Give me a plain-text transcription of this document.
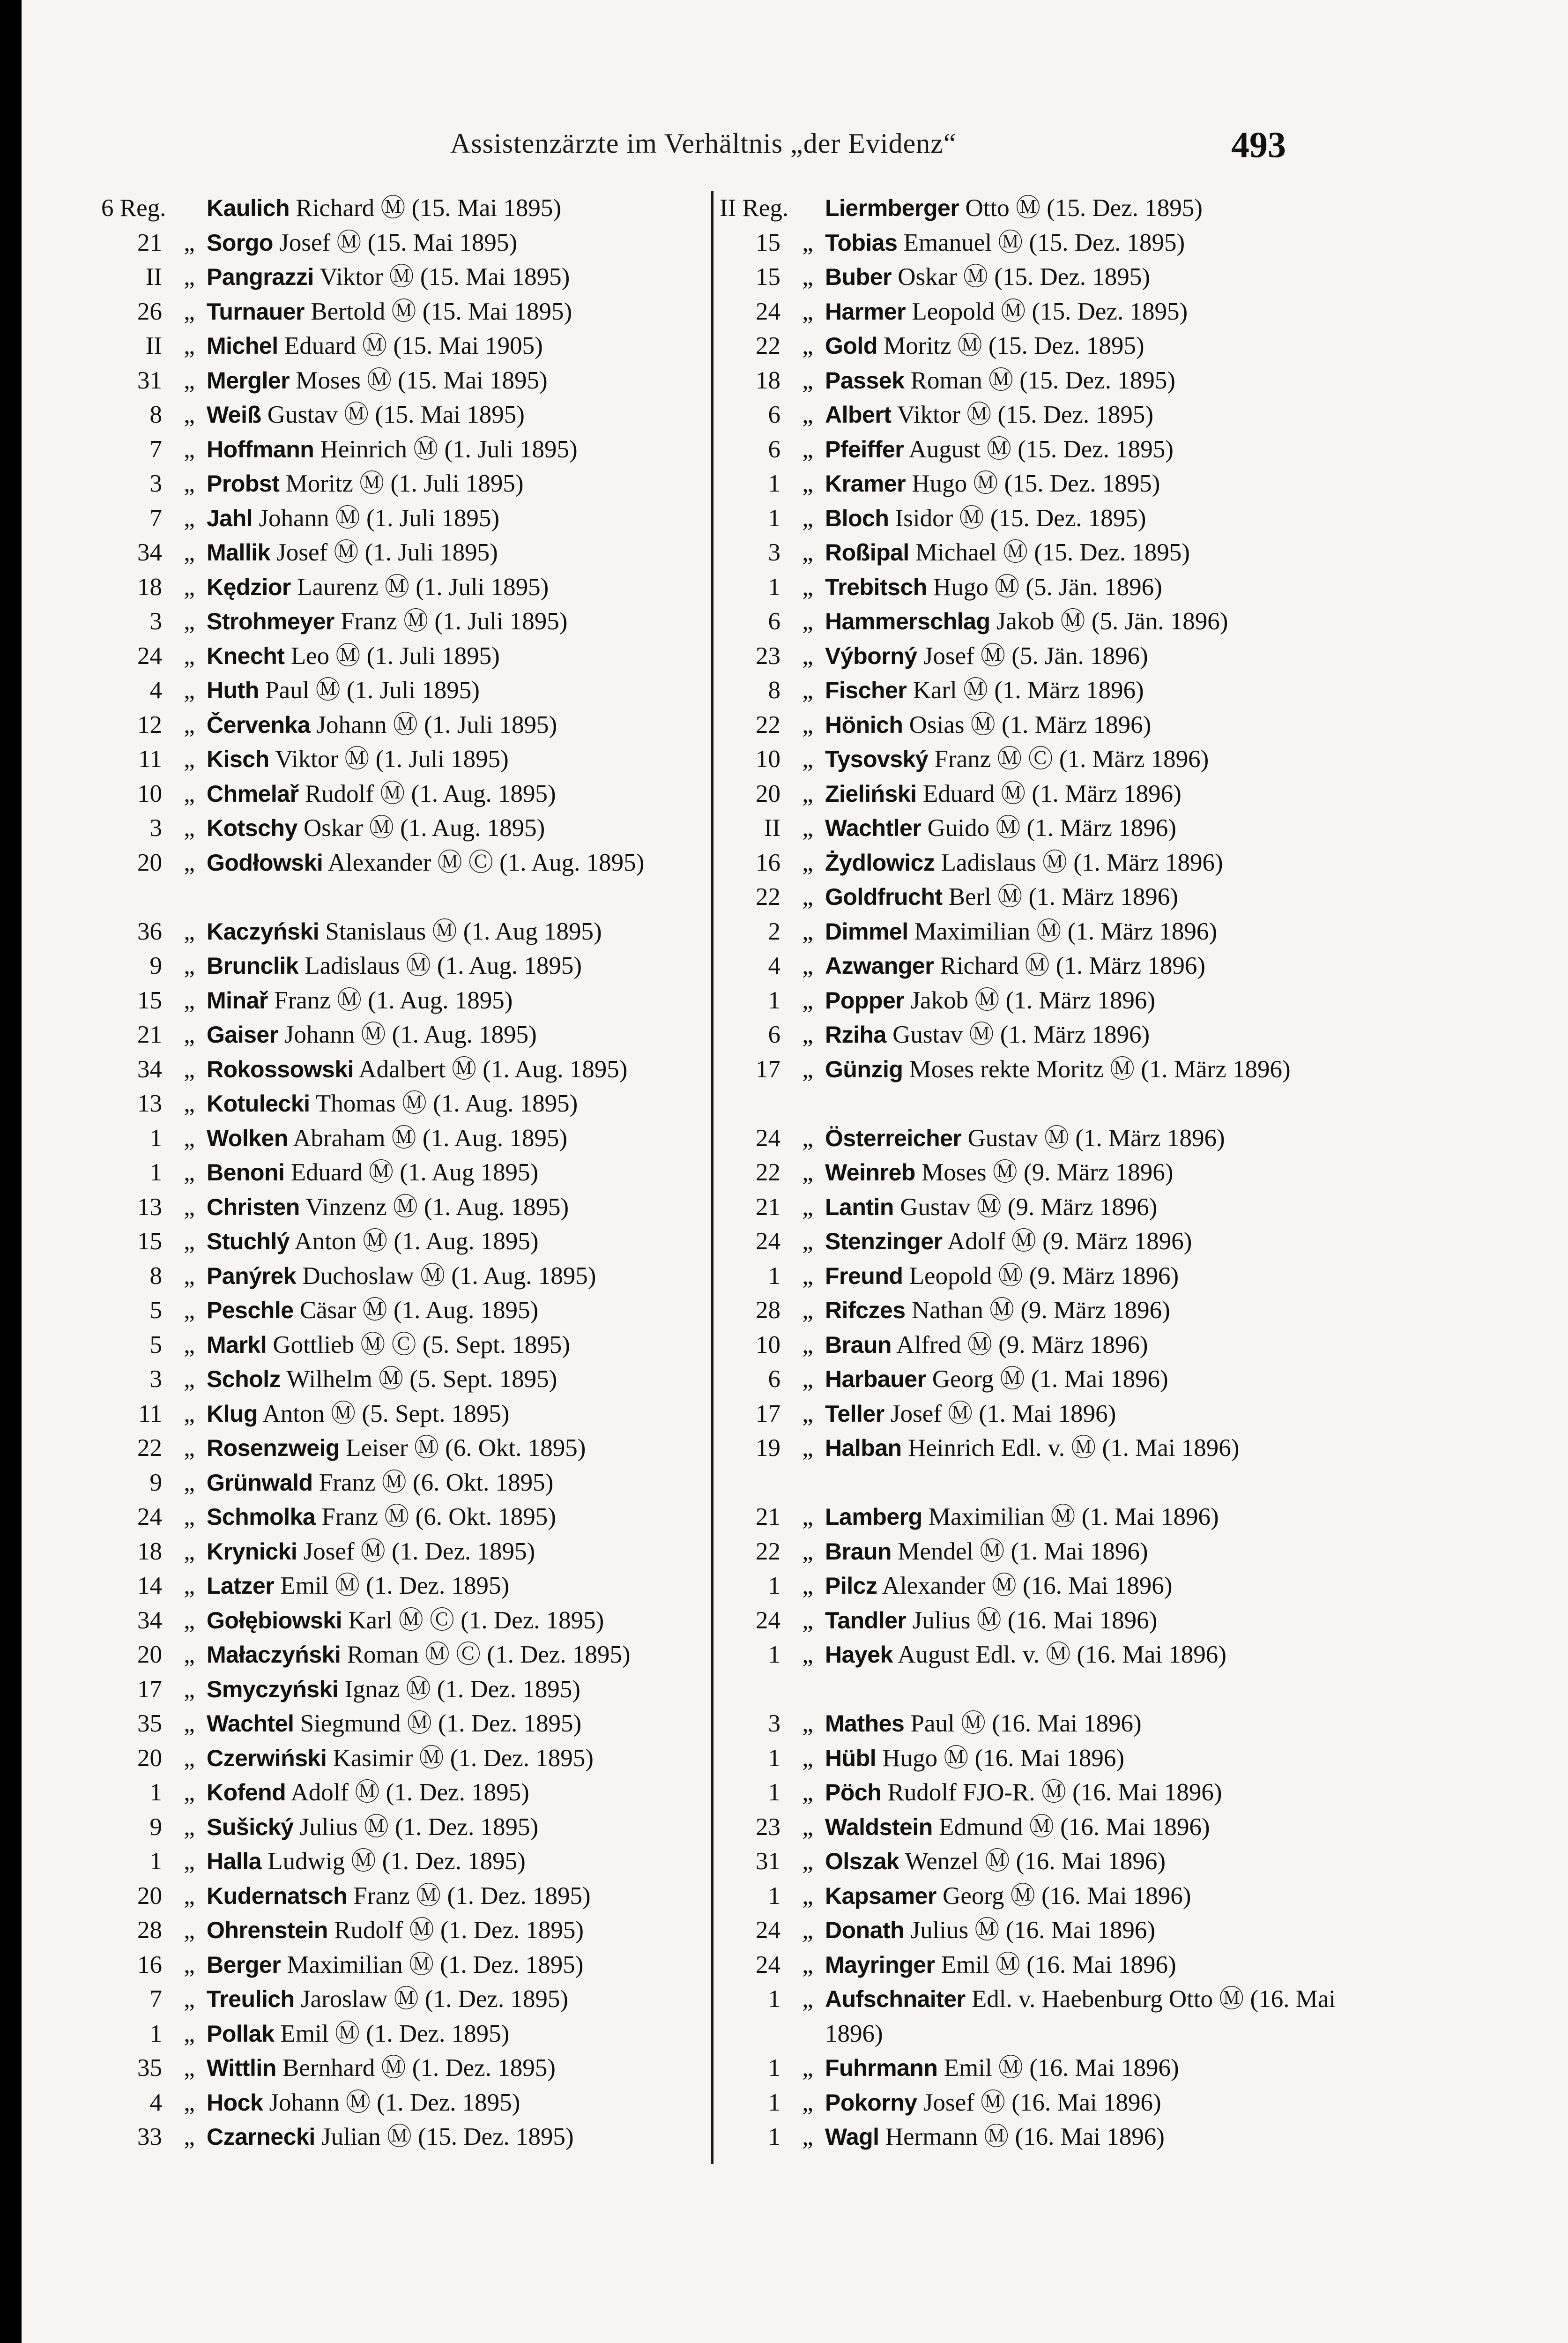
Assistenzärzte im Verhältnis „der Evidenz“	493
6 Reg. Kaulich Richard Ⓜ (15. Mai 1895)
21 „ Sorgo Josef Ⓜ (15. Mai 1895)
II „ Pangrazzi Viktor Ⓜ (15. Mai 1895)
26 „ Turnauer Bertold Ⓜ (15. Mai 1895)
II „ Michel Eduard Ⓜ (15. Mai 1905)
31 „ Mergler Moses Ⓜ (15. Mai 1895)
8 „ Weiß Gustav Ⓜ (15. Mai 1895)
7 „ Hoffmann Heinrich Ⓜ (1. Juli 1895)
3 „ Probst Moritz Ⓜ (1. Juli 1895)
7 „ Jahl Johann Ⓜ (1. Juli 1895)
34 „ Mallik Josef Ⓜ (1. Juli 1895)
18 „ Kędzior Laurenz Ⓜ (1. Juli 1895)
3 „ Strohmeyer Franz Ⓜ (1. Juli 1895)
24 „ Knecht Leo Ⓜ (1. Juli 1895)
4 „ Huth Paul Ⓜ (1. Juli 1895)
12 „ Červenka Johann Ⓜ (1. Juli 1895)
11 „ Kisch Viktor Ⓜ (1. Juli 1895)
10 „ Chmelař Rudolf Ⓜ (1. Aug. 1895)
3 „ Kotschy Oskar Ⓜ (1. Aug. 1895)
20 „ Godłowski Alexander Ⓜ Ⓒ (1. Aug. 1895)
36 „ Kaczyński Stanislaus Ⓜ (1. Aug 1895)
9 „ Brunclik Ladislaus Ⓜ (1. Aug. 1895)
15 „ Minař Franz Ⓜ (1. Aug. 1895)
21 „ Gaiser Johann Ⓜ (1. Aug. 1895)
34 „ Rokossowski Adalbert Ⓜ (1. Aug. 1895)
13 „ Kotulecki Thomas Ⓜ (1. Aug. 1895)
1 „ Wolken Abraham Ⓜ (1. Aug. 1895)
1 „ Benoni Eduard Ⓜ (1. Aug 1895)
13 „ Christen Vinzenz Ⓜ (1. Aug. 1895)
15 „ Stuchlý Anton Ⓜ (1. Aug. 1895)
8 „ Panýrek Duchoslaw Ⓜ (1. Aug. 1895)
5 „ Peschle Cäsar Ⓜ (1. Aug. 1895)
5 „ Markl Gottlieb Ⓜ Ⓒ (5. Sept. 1895)
3 „ Scholz Wilhelm Ⓜ (5. Sept. 1895)
11 „ Klug Anton Ⓜ (5. Sept. 1895)
22 „ Rosenzweig Leiser Ⓜ (6. Okt. 1895)
9 „ Grünwald Franz Ⓜ (6. Okt. 1895)
24 „ Schmolka Franz Ⓜ (6. Okt. 1895)
18 „ Krynicki Josef Ⓜ (1. Dez. 1895)
14 „ Latzer Emil Ⓜ (1. Dez. 1895)
34 „ Gołębiowski Karl Ⓜ Ⓒ (1. Dez. 1895)
20 „ Małaczyński Roman Ⓜ Ⓒ (1. Dez. 1895)
17 „ Smyczyński Ignaz Ⓜ (1. Dez. 1895)
35 „ Wachtel Siegmund Ⓜ (1. Dez. 1895)
20 „ Czerwiński Kasimir Ⓜ (1. Dez. 1895)
1 „ Kofend Adolf Ⓜ (1. Dez. 1895)
9 „ Sušický Julius Ⓜ (1. Dez. 1895)
1 „ Halla Ludwig Ⓜ (1. Dez. 1895)
20 „ Kudernatsch Franz Ⓜ (1. Dez. 1895)
28 „ Ohrenstein Rudolf Ⓜ (1. Dez. 1895)
16 „ Berger Maximilian Ⓜ (1. Dez. 1895)
7 „ Treulich Jaroslaw Ⓜ (1. Dez. 1895)
1 „ Pollak Emil Ⓜ (1. Dez. 1895)
35 „ Wittlin Bernhard Ⓜ (1. Dez. 1895)
4 „ Hock Johann Ⓜ (1. Dez. 1895)
33 „ Czarnecki Julian Ⓜ (15. Dez. 1895)
II Reg. Liermberger Otto Ⓜ (15. Dez. 1895)
15 „ Tobias Emanuel Ⓜ (15. Dez. 1895)
15 „ Buber Oskar Ⓜ (15. Dez. 1895)
24 „ Harmer Leopold Ⓜ (15. Dez. 1895)
22 „ Gold Moritz Ⓜ (15. Dez. 1895)
18 „ Passek Roman Ⓜ (15. Dez. 1895)
6 „ Albert Viktor Ⓜ (15. Dez. 1895)
6 „ Pfeiffer August Ⓜ (15. Dez. 1895)
1 „ Kramer Hugo Ⓜ (15. Dez. 1895)
1 „ Bloch Isidor Ⓜ (15. Dez. 1895)
3 „ Roßipal Michael Ⓜ (15. Dez. 1895)
1 „ Trebitsch Hugo Ⓜ (5. Jän. 1896)
6 „ Hammerschlag Jakob Ⓜ (5. Jän. 1896)
23 „ Výborný Josef Ⓜ (5. Jän. 1896)
8 „ Fischer Karl Ⓜ (1. März 1896)
22 „ Hönich Osias Ⓜ (1. März 1896)
10 „ Tysovský Franz Ⓜ Ⓒ (1. März 1896)
20 „ Zieliński Eduard Ⓜ (1. März 1896)
II „ Wachtler Guido Ⓜ (1. März 1896)
16 „ Żydlowicz Ladislaus Ⓜ (1. März 1896)
22 „ Goldfrucht Berl Ⓜ (1. März 1896)
2 „ Dimmel Maximilian Ⓜ (1. März 1896)
4 „ Azwanger Richard Ⓜ (1. März 1896)
1 „ Popper Jakob Ⓜ (1. März 1896)
6 „ Rziha Gustav Ⓜ (1. März 1896)
17 „ Günzig Moses rekte Moritz Ⓜ (1. März 1896)
24 „ Österreicher Gustav Ⓜ (1. März 1896)
22 „ Weinreb Moses Ⓜ (9. März 1896)
21 „ Lantin Gustav Ⓜ (9. März 1896)
24 „ Stenzinger Adolf Ⓜ (9. März 1896)
1 „ Freund Leopold Ⓜ (9. März 1896)
28 „ Rifczes Nathan Ⓜ (9. März 1896)
10 „ Braun Alfred Ⓜ (9. März 1896)
6 „ Harbauer Georg Ⓜ (1. Mai 1896)
17 „ Teller Josef Ⓜ (1. Mai 1896)
19 „ Halban Heinrich Edl. v. Ⓜ (1. Mai 1896)
21 „ Lamberg Maximilian Ⓜ (1. Mai 1896)
22 „ Braun Mendel Ⓜ (1. Mai 1896)
1 „ Pilcz Alexander Ⓜ (16. Mai 1896)
24 „ Tandler Julius Ⓜ (16. Mai 1896)
1 „ Hayek August Edl. v. Ⓜ (16. Mai 1896)
3 „ Mathes Paul Ⓜ (16. Mai 1896)
1 „ Hübl Hugo Ⓜ (16. Mai 1896)
1 „ Pöch Rudolf FJO-R. Ⓜ (16. Mai 1896)
23 „ Waldstein Edmund Ⓜ (16. Mai 1896)
31 „ Olszak Wenzel Ⓜ (16. Mai 1896)
1 „ Kapsamer Georg Ⓜ (16. Mai 1896)
24 „ Donath Julius Ⓜ (16. Mai 1896)
24 „ Mayringer Emil Ⓜ (16. Mai 1896)
1 „ Aufschnaiter Edl. v. Haebenburg Otto Ⓜ (16. Mai 1896)
1 „ Fuhrmann Emil Ⓜ (16. Mai 1896)
1 „ Pokorny Josef Ⓜ (16. Mai 1896)
1 „ Wagl Hermann Ⓜ (16. Mai 1896)
